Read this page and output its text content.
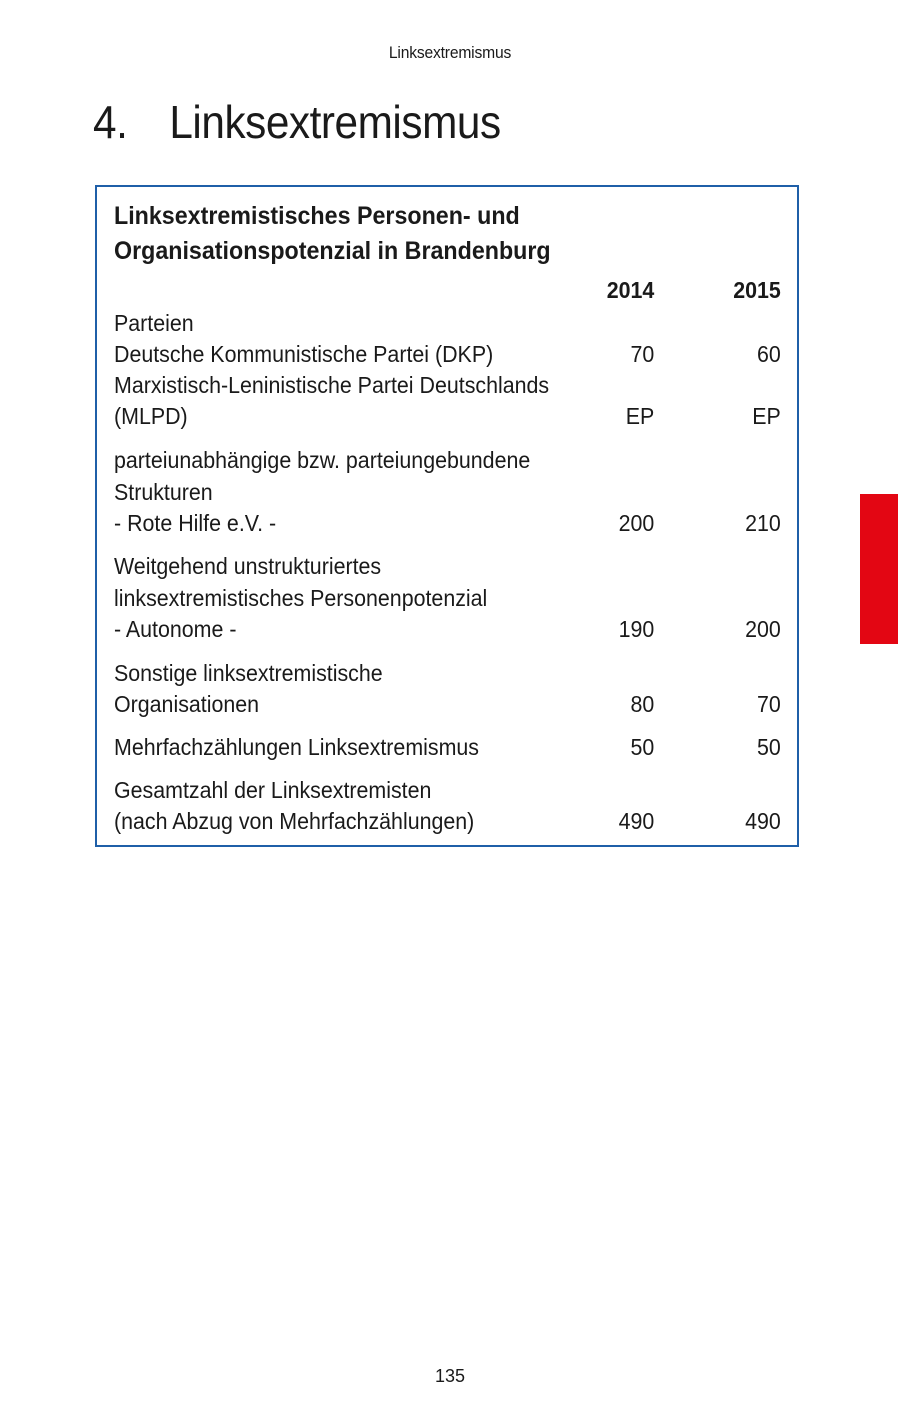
Linksextremismus
4. Linksextremismus
Linksextremistisches Personen- und
Organisationspotenzial in Brandenburg
2014	2015
Parteien
Deutsche Kommunistische Partei (DKP)	70	60
Marxistisch-Leninistische Partei Deutschlands
(MLPD)	EP	EP
parteiunabhängige bzw. parteiungebundene
Strukturen
- Rote Hilfe e.V. -	200	210
Weitgehend unstrukturiertes
linksextremistisches Personenpotenzial
- Autonome -	190	200
Sonstige linksextremistische
Organisationen	80	70
Mehrfachzählungen Linksextremismus	50	50
Gesamtzahl der Linksextremisten
(nach Abzug von Mehrfachzählungen)	490	490
135
